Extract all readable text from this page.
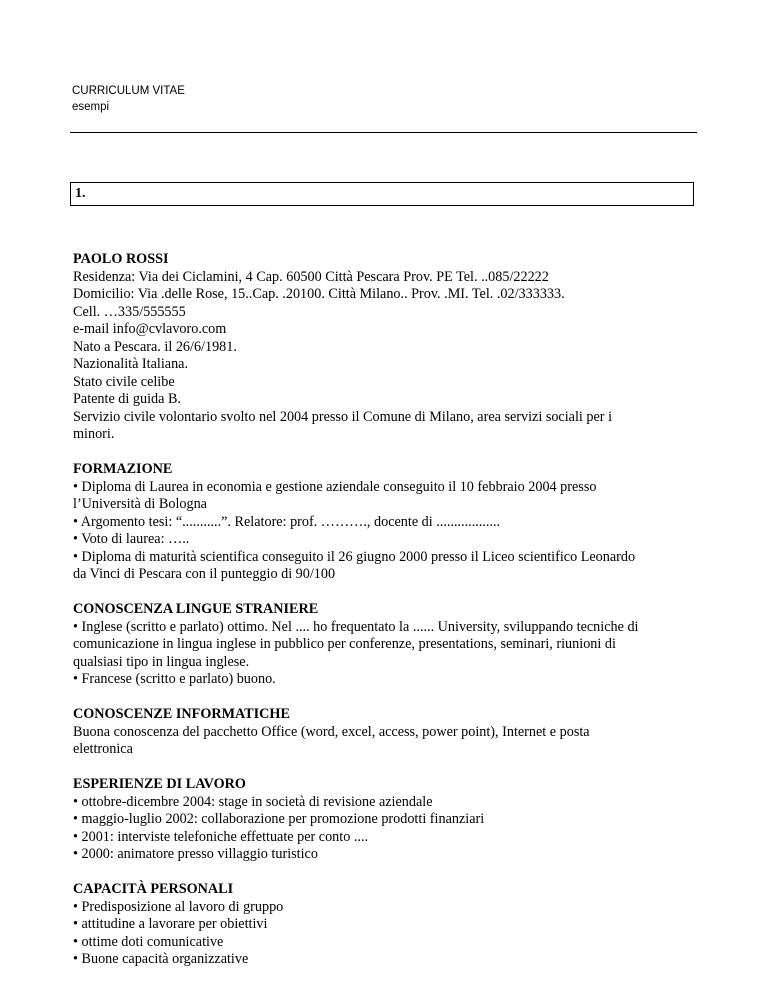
CURRICULUM VITAE
esempi
1.
PAOLO ROSSI
Residenza: Via dei Ciclamini, 4 Cap. 60500 Città Pescara Prov. PE Tel. ..085/22222
Domicilio: Via .delle Rose, 15..Cap. .20100. Città Milano.. Prov. .MI. Tel. .02/333333.
Cell. …335/555555
e-mail info@cvlavoro.com
Nato a Pescara. il 26/6/1981.
Nazionalità Italiana.
Stato civile celibe
Patente di guida B.
Servizio civile volontario svolto nel 2004 presso il Comune di Milano, area servizi sociali per i
minori.
FORMAZIONE
• Diploma di Laurea in economia e gestione aziendale conseguito il 10 febbraio 2004 presso
l’Università di Bologna
• Argomento tesi: “...........”. Relatore: prof. ………., docente di ..................
• Voto di laurea: …..
• Diploma di maturità scientifica conseguito il 26 giugno 2000 presso il Liceo scientifico Leonardo
da Vinci di Pescara con il punteggio di 90/100
CONOSCENZA LINGUE STRANIERE
• Inglese (scritto e parlato) ottimo. Nel .... ho frequentato la ...... University, sviluppando tecniche di
comunicazione in lingua inglese in pubblico per conferenze, presentations, seminari, riunioni di
qualsiasi tipo in lingua inglese.
• Francese (scritto e parlato) buono.
CONOSCENZE INFORMATICHE
Buona conoscenza del pacchetto Office (word, excel, access, power point), Internet e posta
elettronica
ESPERIENZE DI LAVORO
• ottobre-dicembre 2004: stage in società di revisione aziendale
• maggio-luglio 2002: collaborazione per promozione prodotti finanziari
• 2001: interviste telefoniche effettuate per conto ....
• 2000: animatore presso villaggio turistico
CAPACITÀ PERSONALI
• Predisposizione al lavoro di gruppo
• attitudine a lavorare per obiettivi
• ottime doti comunicative
• Buone capacità organizzative
